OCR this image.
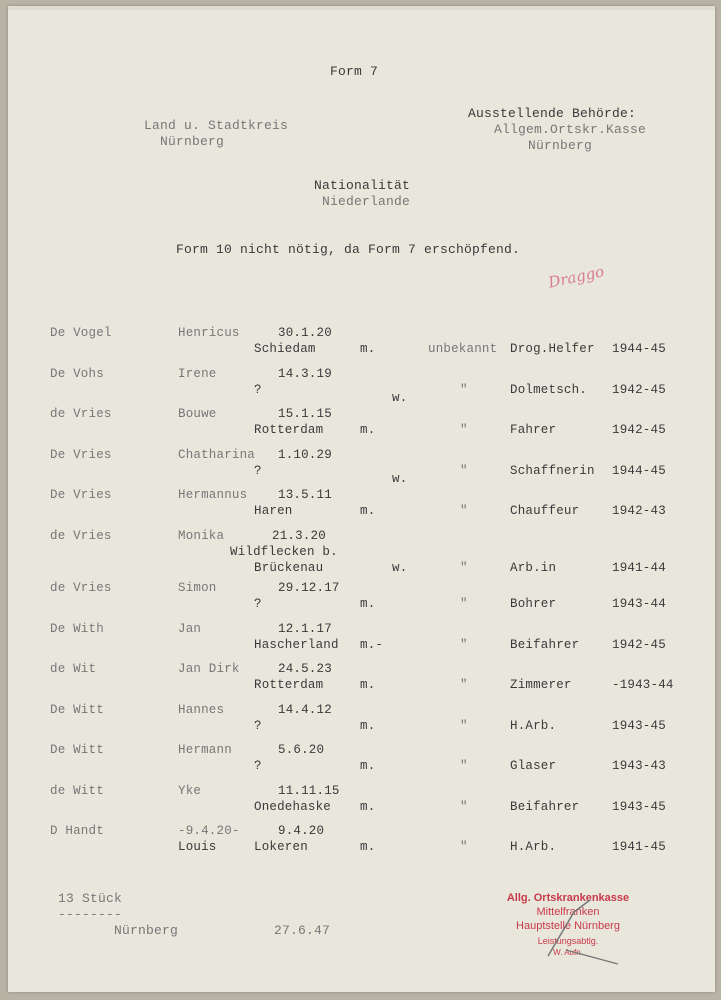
Form 7
Land u. Stadtkreis
Nürnberg
Ausstellende Behörde:
Allgem.Ortskr.Kasse
Nürnberg
Nationalität
Niederlande
Form 10 nicht nötig, da Form 7 erschöpfend.
Draggo
De Vogel	Henricus	30.1.20
Schiedam	m.	unbekannt Drog.Helfer 1944-45
De Vohs	Irene	14.3.19
?
w.
"	Dolmetsch. 1942-45
de Vries	Bouwe	15.1.15
Rotterdam	m.	"	Fahrer	1942-45
De Vries	Chatharina 1.10.29
?
w.
"	Schaffnerin 1944-45
De Vries	Hermannus 13.5.11
Haren	m.	"	Chauffeur	1942-43
de Vries	Monika	21.3.20
Wildflecken b.
Brückenau	w.	"	Arb.in	1941-44
de Vries	Simon	29.12.17
?	m.	"	Bohrer	1943-44
De With	Jan	12.1.17
Hascherland m.-	"	Beifahrer	1942-45
de Wit	Jan Dirk	24.5.23
Rotterdam	m.	"	Zimmerer	-1943-44
De Witt	Hannes	14.4.12
?	m.	"	H.Arb.	1943-45
De Witt	Hermann	5.6.20
?	m.	"	Glaser	1943-43
de Witt	Yke	11.11.15
Onedehaske m.	"	Beifahrer	1943-45
D Handt	-9.4.20-
Louis
9.4.20
Lokeren	m.	"	H.Arb.	1941-45
13 Stück
--------
Nürnberg	27.6.47
Allg. Ortskrankenkasse
Mittelfranken
Hauptstelle Nürnberg
Leistungsabtlg.
W. Aufn.
